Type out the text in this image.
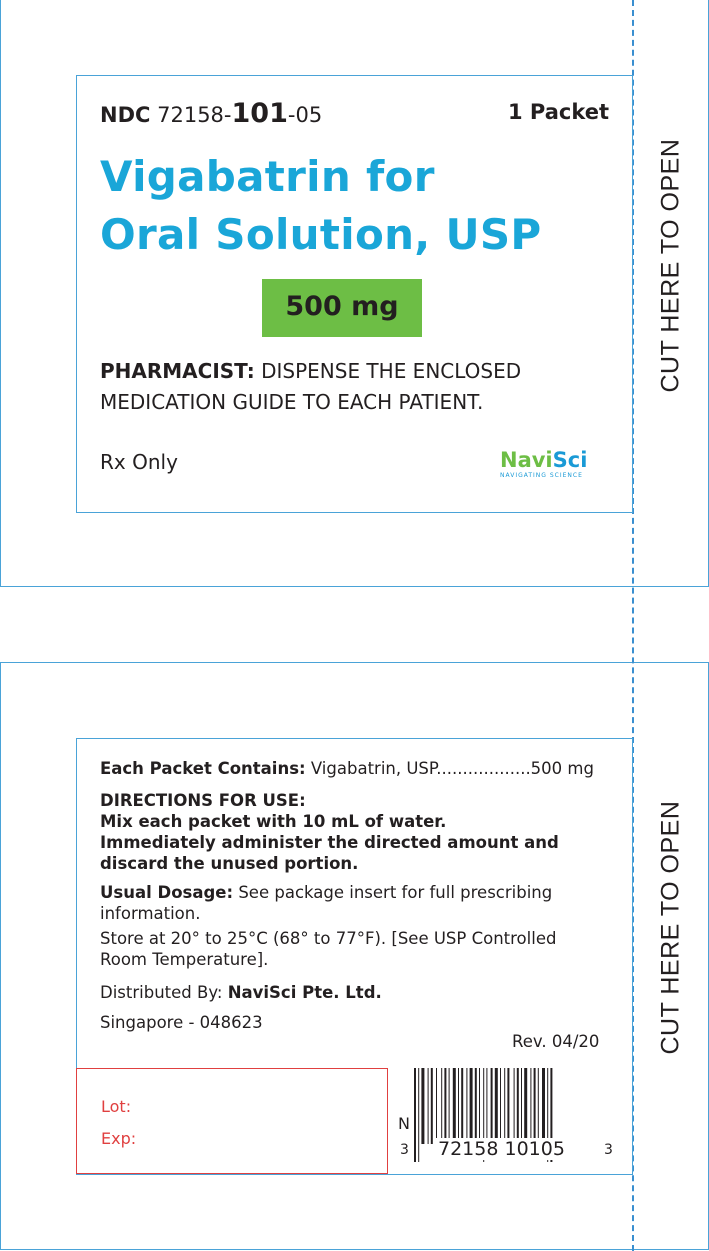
NDC 72158-101-05	1 Packet
Vigabatrin for
Oral Solution, USP
500 mg
PHARMACIST: DISPENSE THE ENCLOSED
MEDICATION GUIDE TO EACH PATIENT.
Rx Only	NaviSci
NAVIGATING SCIENCE
CUT HERE TO OPEN
Each Packet Contains: Vigabatrin, USP..................500 mg
DIRECTIONS FOR USE:
Mix each packet with 10 mL of water.
Immediately administer the directed amount and
discard the unused portion.
Usual Dosage: See package insert for full prescribing
information.
Store at 20° to 25°C (68° to 77°F). [See USP Controlled
Room Temperature].
Distributed By: NaviSci Pte. Ltd.
Singapore - 048623
Rev. 04/20
Lot:
Exp:
N
3 72158 10105	3
CUT HERE TO OPEN
